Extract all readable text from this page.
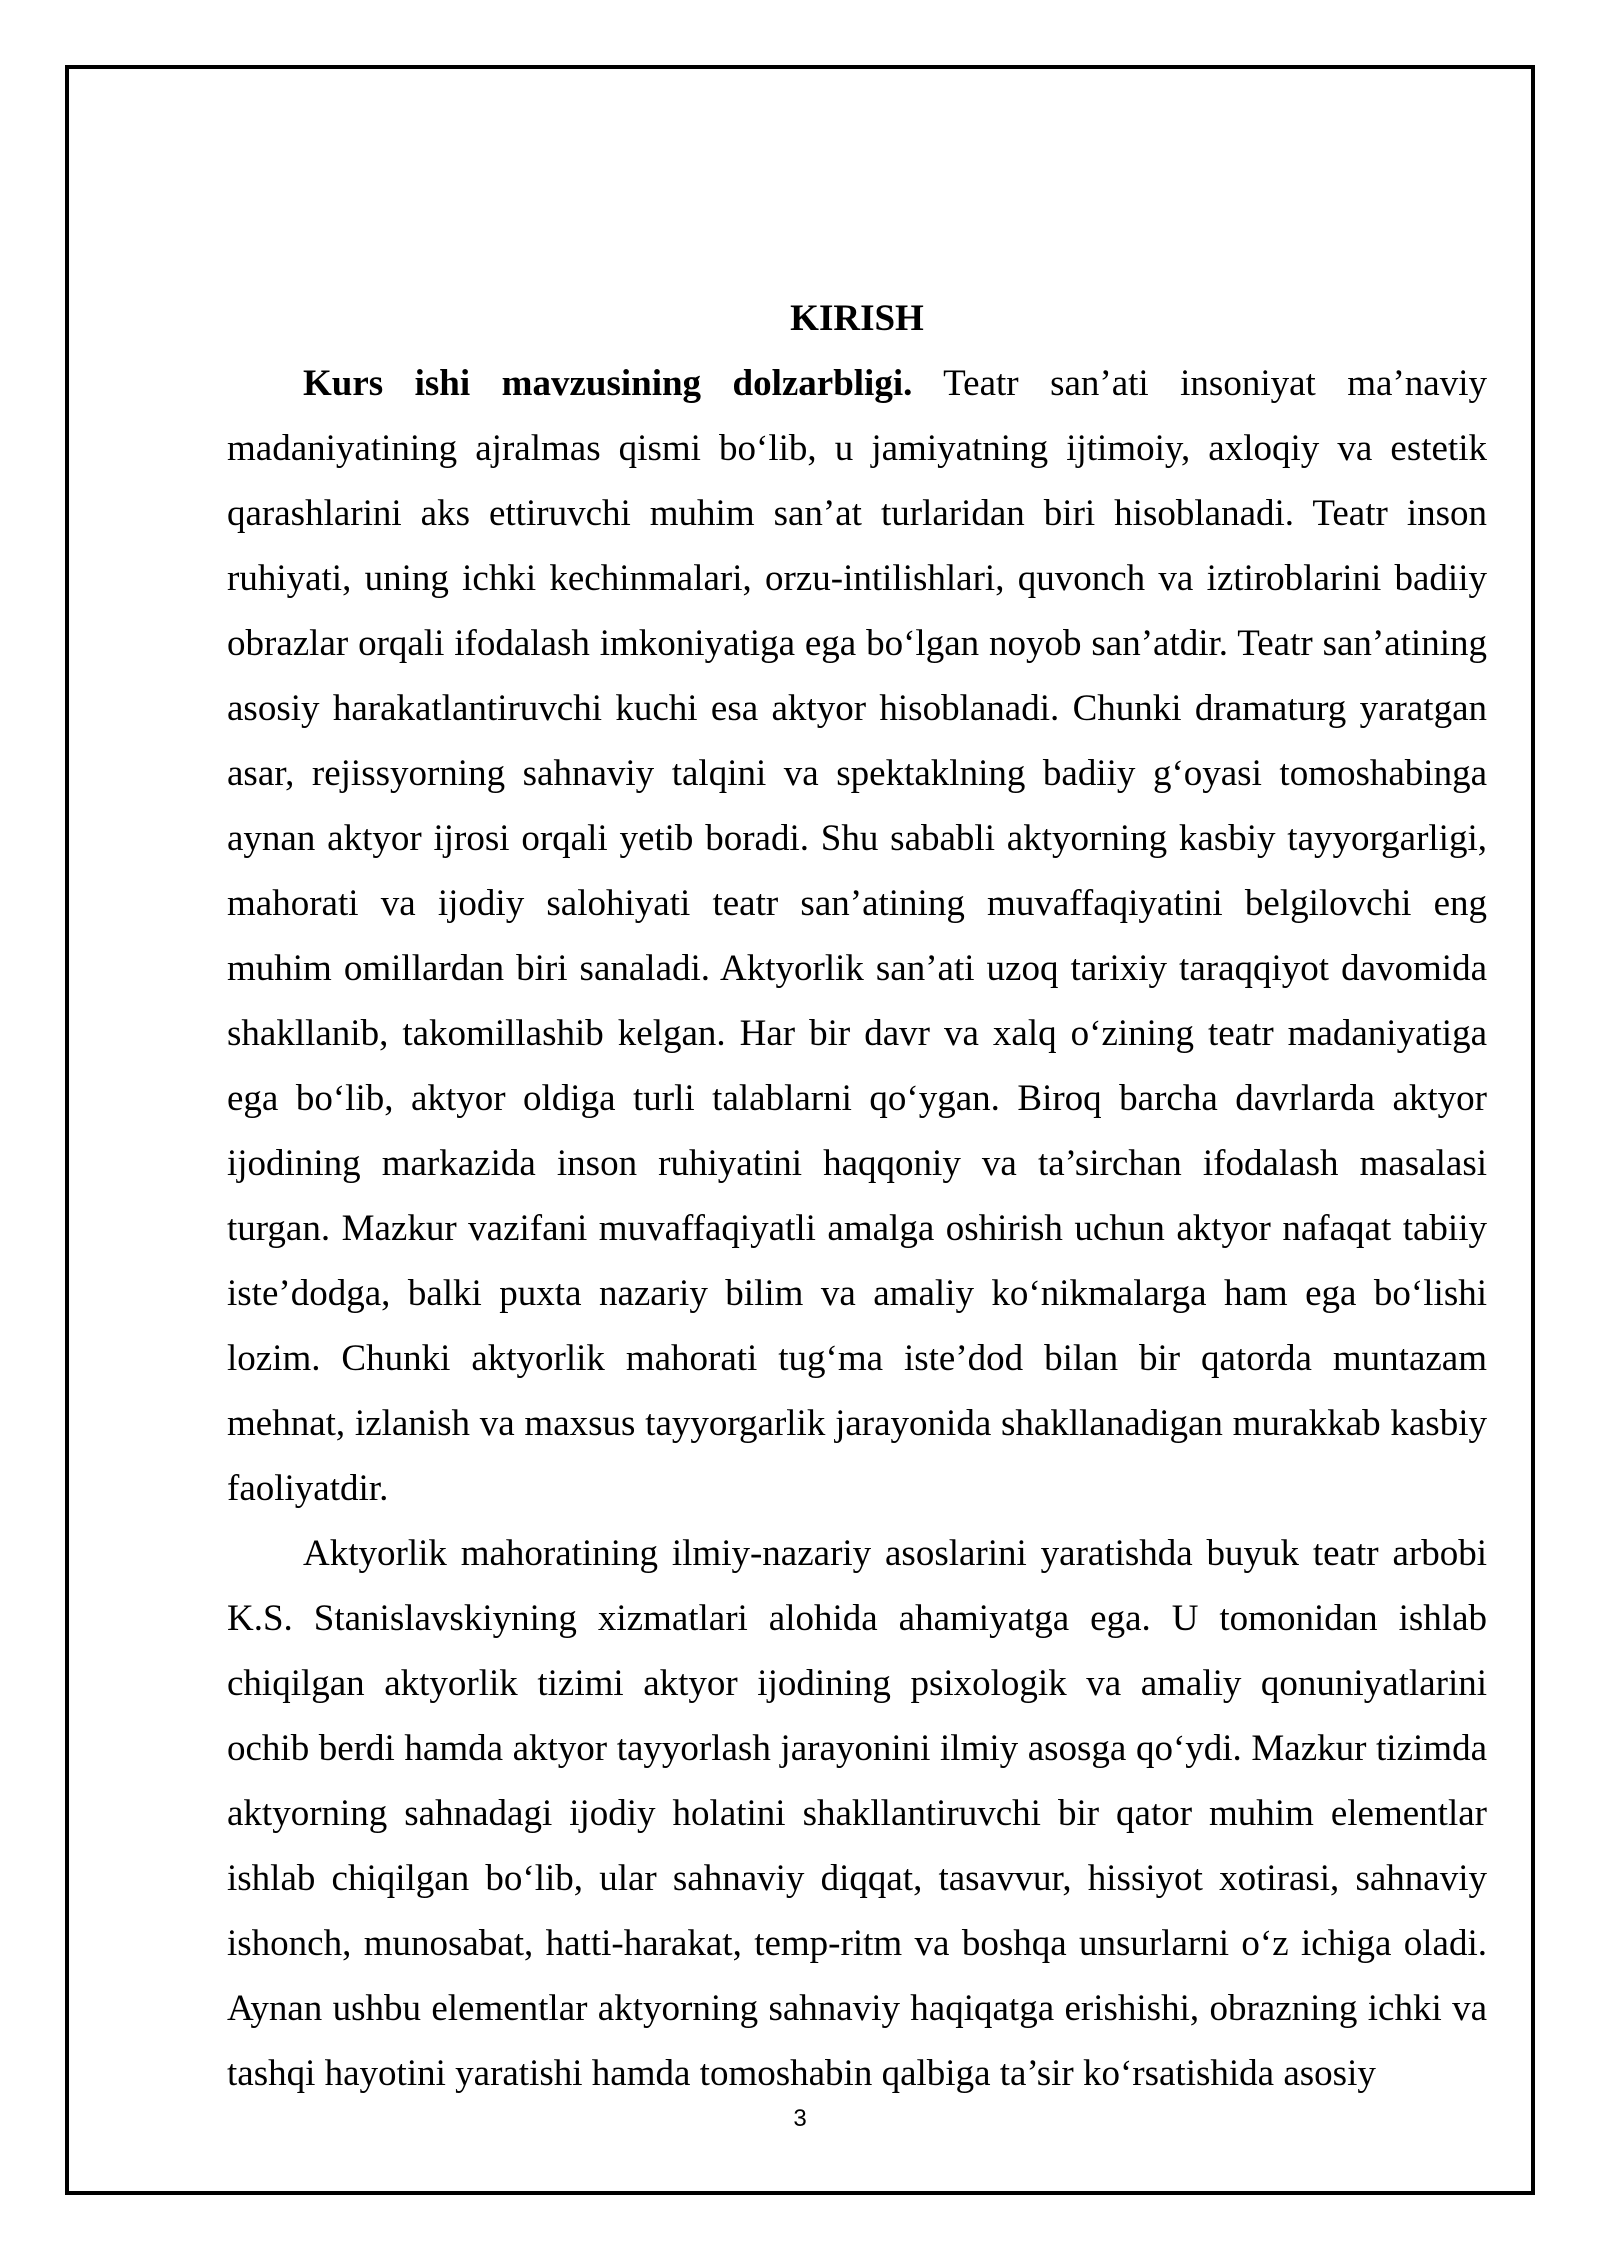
KIRISH

Kurs ishi mavzusining dolzarbligi. Teatr san’ati insoniyat ma’naviy madaniyatining ajralmas qismi bo‘lib, u jamiyatning ijtimoiy, axloqiy va estetik qarashlarini aks ettiruvchi muhim san’at turlaridan biri hisoblanadi. Teatr inson ruhiyati, uning ichki kechinmalari, orzu-intilishlari, quvonch va iztiroblarini badiiy obrazlar orqali ifodalash imkoniyatiga ega bo‘lgan noyob san’atdir. Teatr san’atining asosiy harakatlantiruvchi kuchi esa aktyor hisoblanadi. Chunki dramaturg yaratgan asar, rejissyorning sahnaviy talqini va spektaklning badiiy g‘oyasi tomoshabinga aynan aktyor ijrosi orqali yetib boradi. Shu sababli aktyorning kasbiy tayyorgarligi, mahorati va ijodiy salohiyati teatr san’atining muvaffaqiyatini belgilovchi eng muhim omillardan biri sanaladi. Aktyorlik san’ati uzoq tarixiy taraqqiyot davomida shakllanib, takomillashib kelgan. Har bir davr va xalq o‘zining teatr madaniyatiga ega bo‘lib, aktyor oldiga turli talablarni qo‘ygan. Biroq barcha davrlarda aktyor ijodining markazida inson ruhiyatini haqqoniy va ta’sirchan ifodalash masalasi turgan. Mazkur vazifani muvaffaqiyatli amalga oshirish uchun aktyor nafaqat tabiiy iste’dodga, balki puxta nazariy bilim va amaliy ko‘nikmalarga ham ega bo‘lishi lozim. Chunki aktyorlik mahorati tug‘ma iste’dod bilan bir qatorda muntazam mehnat, izlanish va maxsus tayyorgarlik jarayonida shakllanadigan murakkab kasbiy faoliyatdir.

Aktyorlik mahoratining ilmiy-nazariy asoslarini yaratishda buyuk teatr arbobi K.S. Stanislavskiyning xizmatlari alohida ahamiyatga ega. U tomonidan ishlab chiqilgan aktyorlik tizimi aktyor ijodining psixologik va amaliy qonuniyatlarini ochib berdi hamda aktyor tayyorlash jarayonini ilmiy asosga qo‘ydi. Mazkur tizimda aktyorning sahnadagi ijodiy holatini shakllantiruvchi bir qator muhim elementlar ishlab chiqilgan bo‘lib, ular sahnaviy diqqat, tasavvur, hissiyot xotirasi, sahnaviy ishonch, munosabat, hatti-harakat, temp-ritm va boshqa unsurlarni o‘z ichiga oladi. Aynan ushbu elementlar aktyorning sahnaviy haqiqatga erishishi, obrazning ichki va tashqi hayotini yaratishi hamda tomoshabin qalbiga ta’sir ko‘rsatishida asosiy

3
